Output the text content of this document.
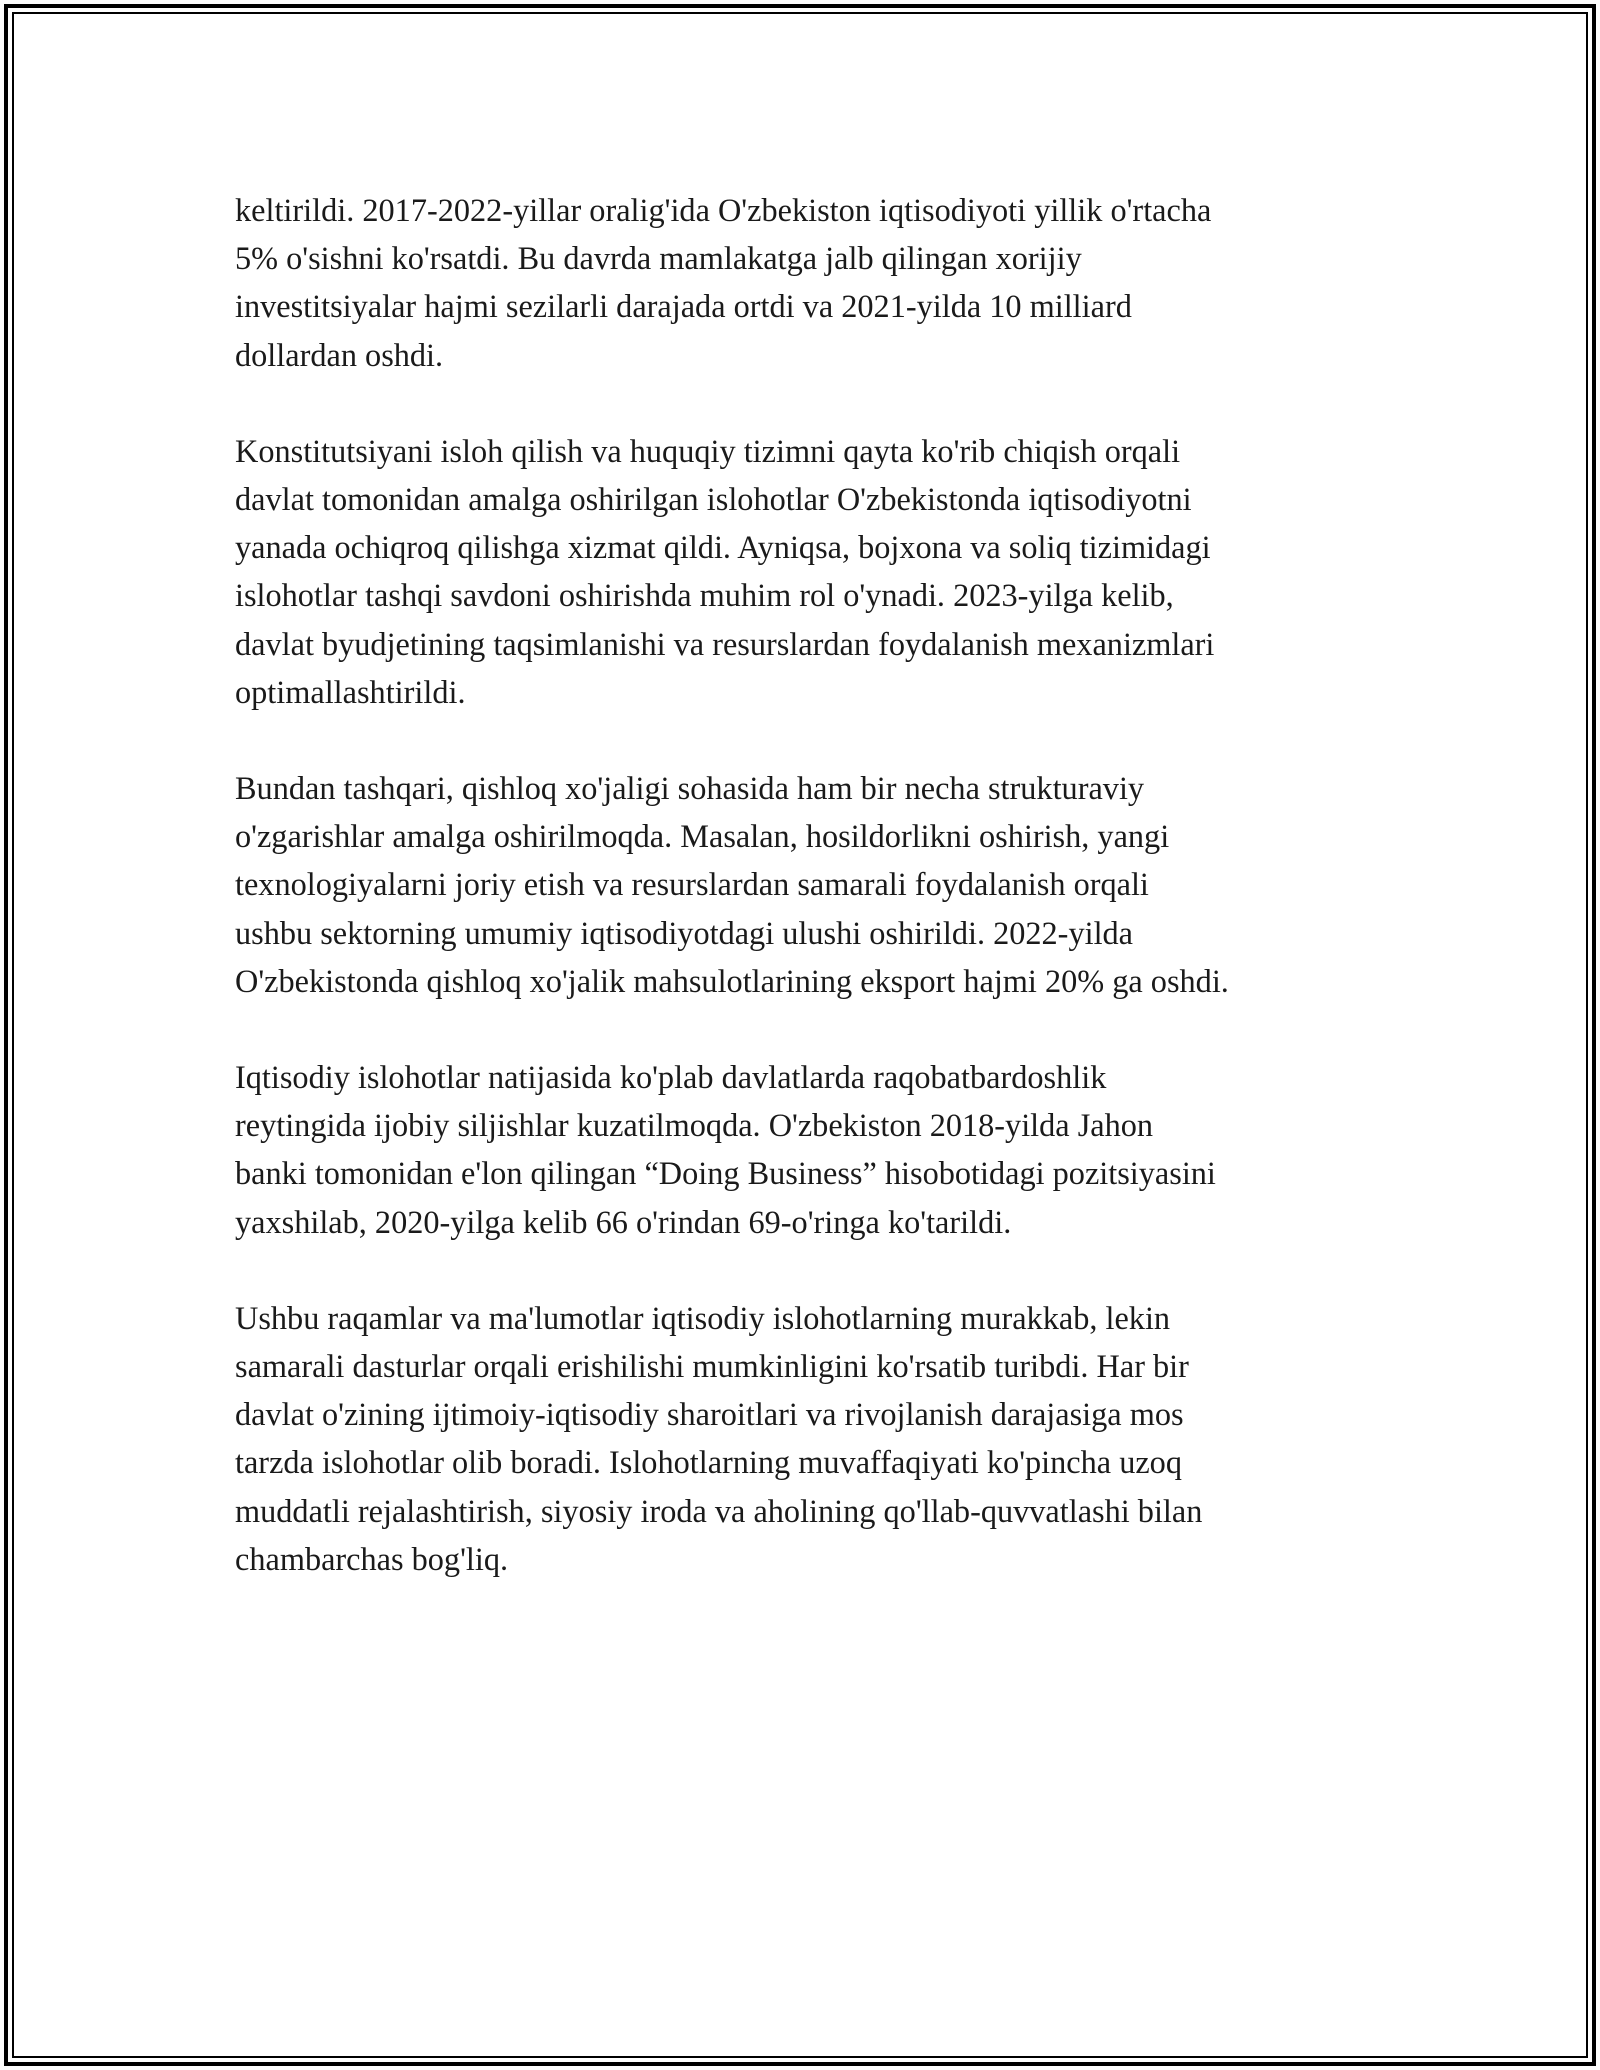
keltirildi. 2017-2022-yillar oralig'ida O'zbekiston iqtisodiyoti yillik o'rtacha
5% o'sishni ko'rsatdi. Bu davrda mamlakatga jalb qilingan xorijiy
investitsiyalar hajmi sezilarli darajada ortdi va 2021-yilda 10 milliard
dollardan oshdi.

Konstitutsiyani isloh qilish va huquqiy tizimni qayta ko'rib chiqish orqali
davlat tomonidan amalga oshirilgan islohotlar O'zbekistonda iqtisodiyotni
yanada ochiqroq qilishga xizmat qildi. Ayniqsa, bojxona va soliq tizimidagi
islohotlar tashqi savdoni oshirishda muhim rol o'ynadi. 2023-yilga kelib,
davlat byudjetining taqsimlanishi va resurslardan foydalanish mexanizmlari
optimallashtirildi.

Bundan tashqari, qishloq xo'jaligi sohasida ham bir necha strukturaviy
o'zgarishlar amalga oshirilmoqda. Masalan, hosildorlikni oshirish, yangi
texnologiyalarni joriy etish va resurslardan samarali foydalanish orqali
ushbu sektorning umumiy iqtisodiyotdagi ulushi oshirildi. 2022-yilda
O'zbekistonda qishloq xo'jalik mahsulotlarining eksport hajmi 20% ga oshdi.

Iqtisodiy islohotlar natijasida ko'plab davlatlarda raqobatbardoshlik
reytingida ijobiy siljishlar kuzatilmoqda. O'zbekiston 2018-yilda Jahon
banki tomonidan e'lon qilingan “Doing Business” hisobotidagi pozitsiyasini
yaxshilab, 2020-yilga kelib 66 o'rindan 69-o'ringa ko'tarildi.

Ushbu raqamlar va ma'lumotlar iqtisodiy islohotlarning murakkab, lekin
samarali dasturlar orqali erishilishi mumkinligini ko'rsatib turibdi. Har bir
davlat o'zining ijtimoiy-iqtisodiy sharoitlari va rivojlanish darajasiga mos
tarzda islohotlar olib boradi. Islohotlarning muvaffaqiyati ko'pincha uzoq
muddatli rejalashtirish, siyosiy iroda va aholining qo'llab-quvvatlashi bilan
chambarchas bog'liq.
